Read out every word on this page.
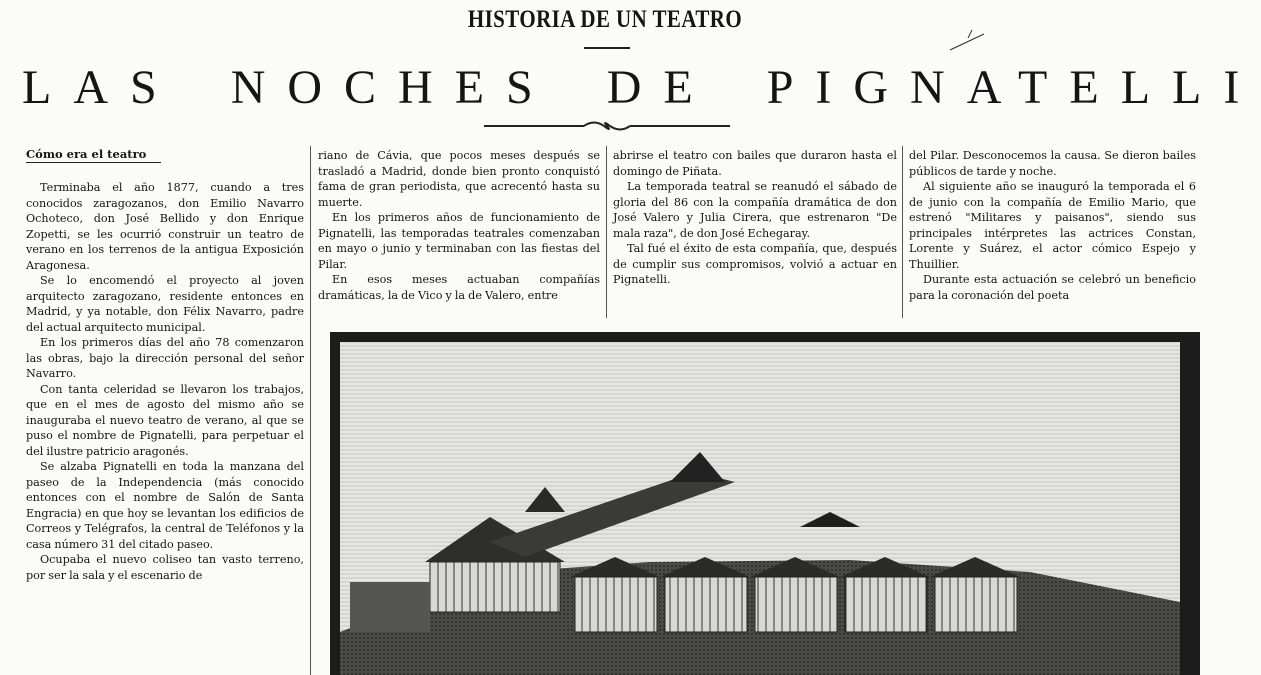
HISTORIA DE UN TEATRO
LAS NOCHES DE PIGNATELLI
Cómo era el teatro

Terminaba el año 1877, cuando a tres conocidos zaragozanos, don Emilio Navarro Ochoteco, don José Bellido y don Enrique Zopetti, se les ocurrió construir un teatro de verano en los terrenos de la antigua Exposición Aragonesa.

Se lo encomendó el proyecto al joven arquitecto zaragozano, residente entonces en Madrid, y ya notable, don Félix Navarro, padre del actual arquitecto municipal.

En los primeros días del año 78 comenzaron las obras, bajo la dirección personal del señor Navarro.

Con tanta celeridad se llevaron los trabajos, que en el mes de agosto del mismo año se inauguraba el nuevo teatro de verano, al que se puso el nombre de Pignatelli, para perpetuar el del ilustre patricio aragonés.

Se alzaba Pignatelli en toda la manzana del paseo de la Independencia (más conocido entonces con el nombre de Salón de Santa Engracia) en que hoy se levantan los edificios de Correos y Telégrafos, la central de Teléfonos y la casa número 31 del citado paseo.

Ocupaba el nuevo coliseo tan vasto terreno, por ser la sala y el escenario de

riano de Cávia, que pocos meses después se trasladó a Madrid, donde bien pronto conquistó fama de gran periodista, que acrecentó hasta su muerte.

En los primeros años de funcionamiento de Pignatelli, las temporadas teatrales comenzaban en mayo o junio y terminaban con las fiestas del Pilar.

En esos meses actuaban compañías dramáticas, la de Vico y la de Valero, entre

abrirse el teatro con bailes que duraron hasta el domingo de Piñata.

La temporada teatral se reanudó el sábado de gloria del 86 con la compañía dramática de don José Valero y Julia Cirera, que estrenaron "De mala raza", de don José Echegaray.

Tal fué el éxito de esta compañía, que, después de cumplir sus compromisos, volvió a actuar en Pignatelli.

del Pilar. Desconocemos la causa. Se dieron bailes públicos de tarde y noche.

Al siguiente año se inauguró la temporada el 6 de junio con la compañía de Emilio Mario, que estrenó "Militares y paisanos", siendo sus principales intérpretes las actrices Constan, Lorente y Suárez, el actor cómico Espejo y Thuillier.

Durante esta actuación se celebró un beneficio para la coronación del poeta
